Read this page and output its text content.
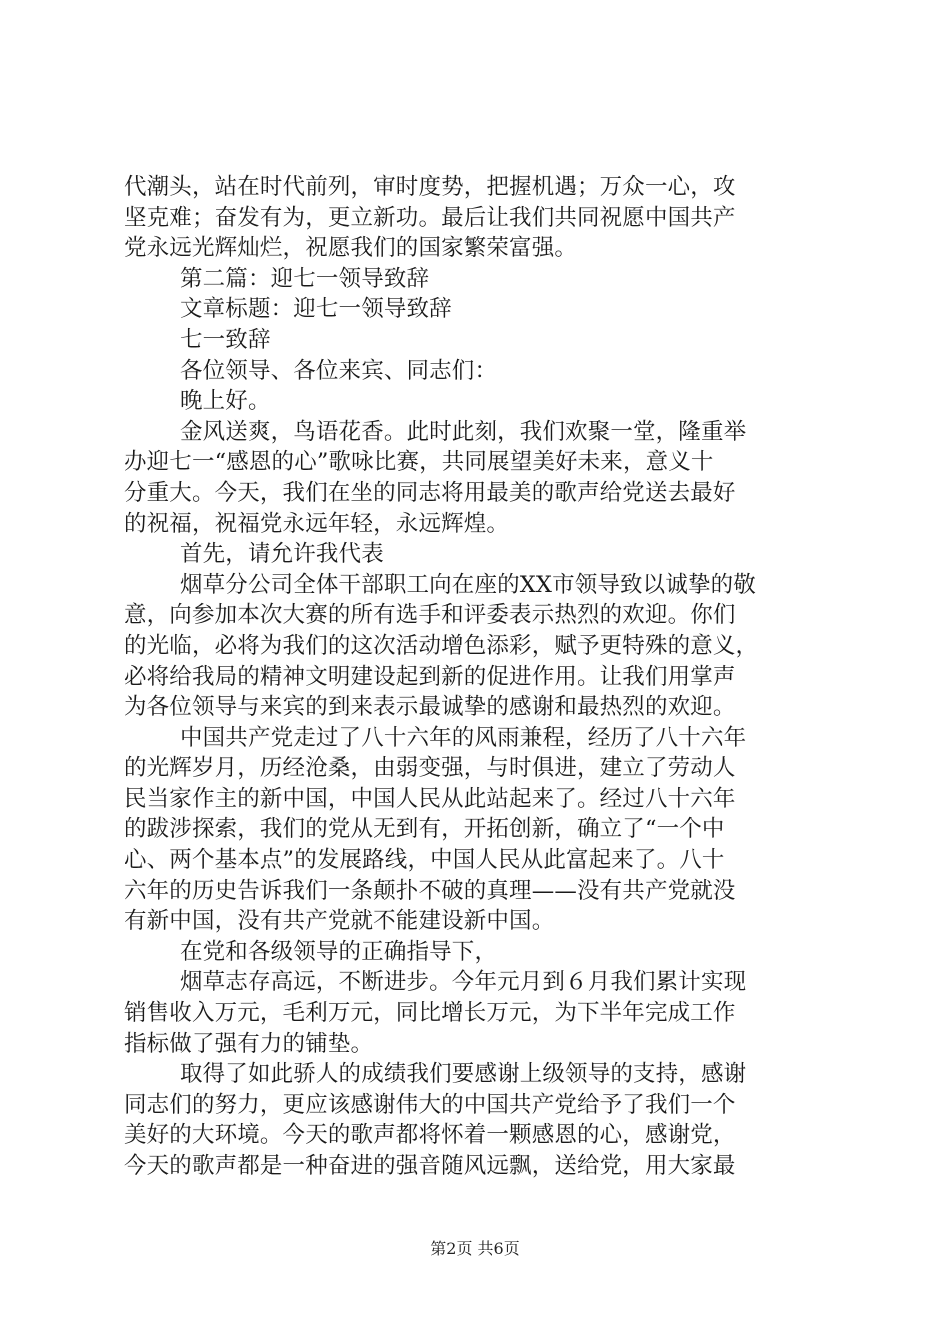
代潮头，站在时代前列，审时度势，把握机遇；万众一心，攻
坚克难；奋发有为，更立新功。最后让我们共同祝愿中国共产
党永远光辉灿烂，祝愿我们的国家繁荣富强。
第二篇：迎七一领导致辞
文章标题：迎七一领导致辞
七一致辞
各位领导、各位来宾、同志们：
晚上好。
金风送爽，鸟语花香。此时此刻，我们欢聚一堂，隆重举
办迎七一“感恩的心”歌咏比赛，共同展望美好未来，意义十
分重大。今天，我们在坐的同志将用最美的歌声给党送去最好
的祝福，祝福党永远年轻，永远辉煌。
首先，请允许我代表
烟草分公司全体干部职工向在座的XX市领导致以诚挚的敬
意，向参加本次大赛的所有选手和评委表示热烈的欢迎。你们
的光临，必将为我们的这次活动增色添彩，赋予更特殊的意义，
必将给我局的精神文明建设起到新的促进作用。让我们用掌声
为各位领导与来宾的到来表示最诚挚的感谢和最热烈的欢迎。
中国共产党走过了八十六年的风雨兼程，经历了八十六年
的光辉岁月，历经沧桑，由弱变强，与时俱进，建立了劳动人
民当家作主的新中国，中国人民从此站起来了。经过八十六年
的跋涉探索，我们的党从无到有，开拓创新，确立了“一个中
心、两个基本点”的发展路线，中国人民从此富起来了。八十
六年的历史告诉我们一条颠扑不破的真理——没有共产党就没
有新中国，没有共产党就不能建设新中国。
在党和各级领导的正确指导下，
烟草志存高远，不断进步。今年元月到６月我们累计实现
销售收入万元，毛利万元，同比增长万元，为下半年完成工作
指标做了强有力的铺垫。
取得了如此骄人的成绩我们要感谢上级领导的支持，感谢
同志们的努力，更应该感谢伟大的中国共产党给予了我们一个
美好的大环境。今天的歌声都将怀着一颗感恩的心，感谢党，
今天的歌声都是一种奋进的强音随风远飘，送给党，用大家最
第2页 共6页
